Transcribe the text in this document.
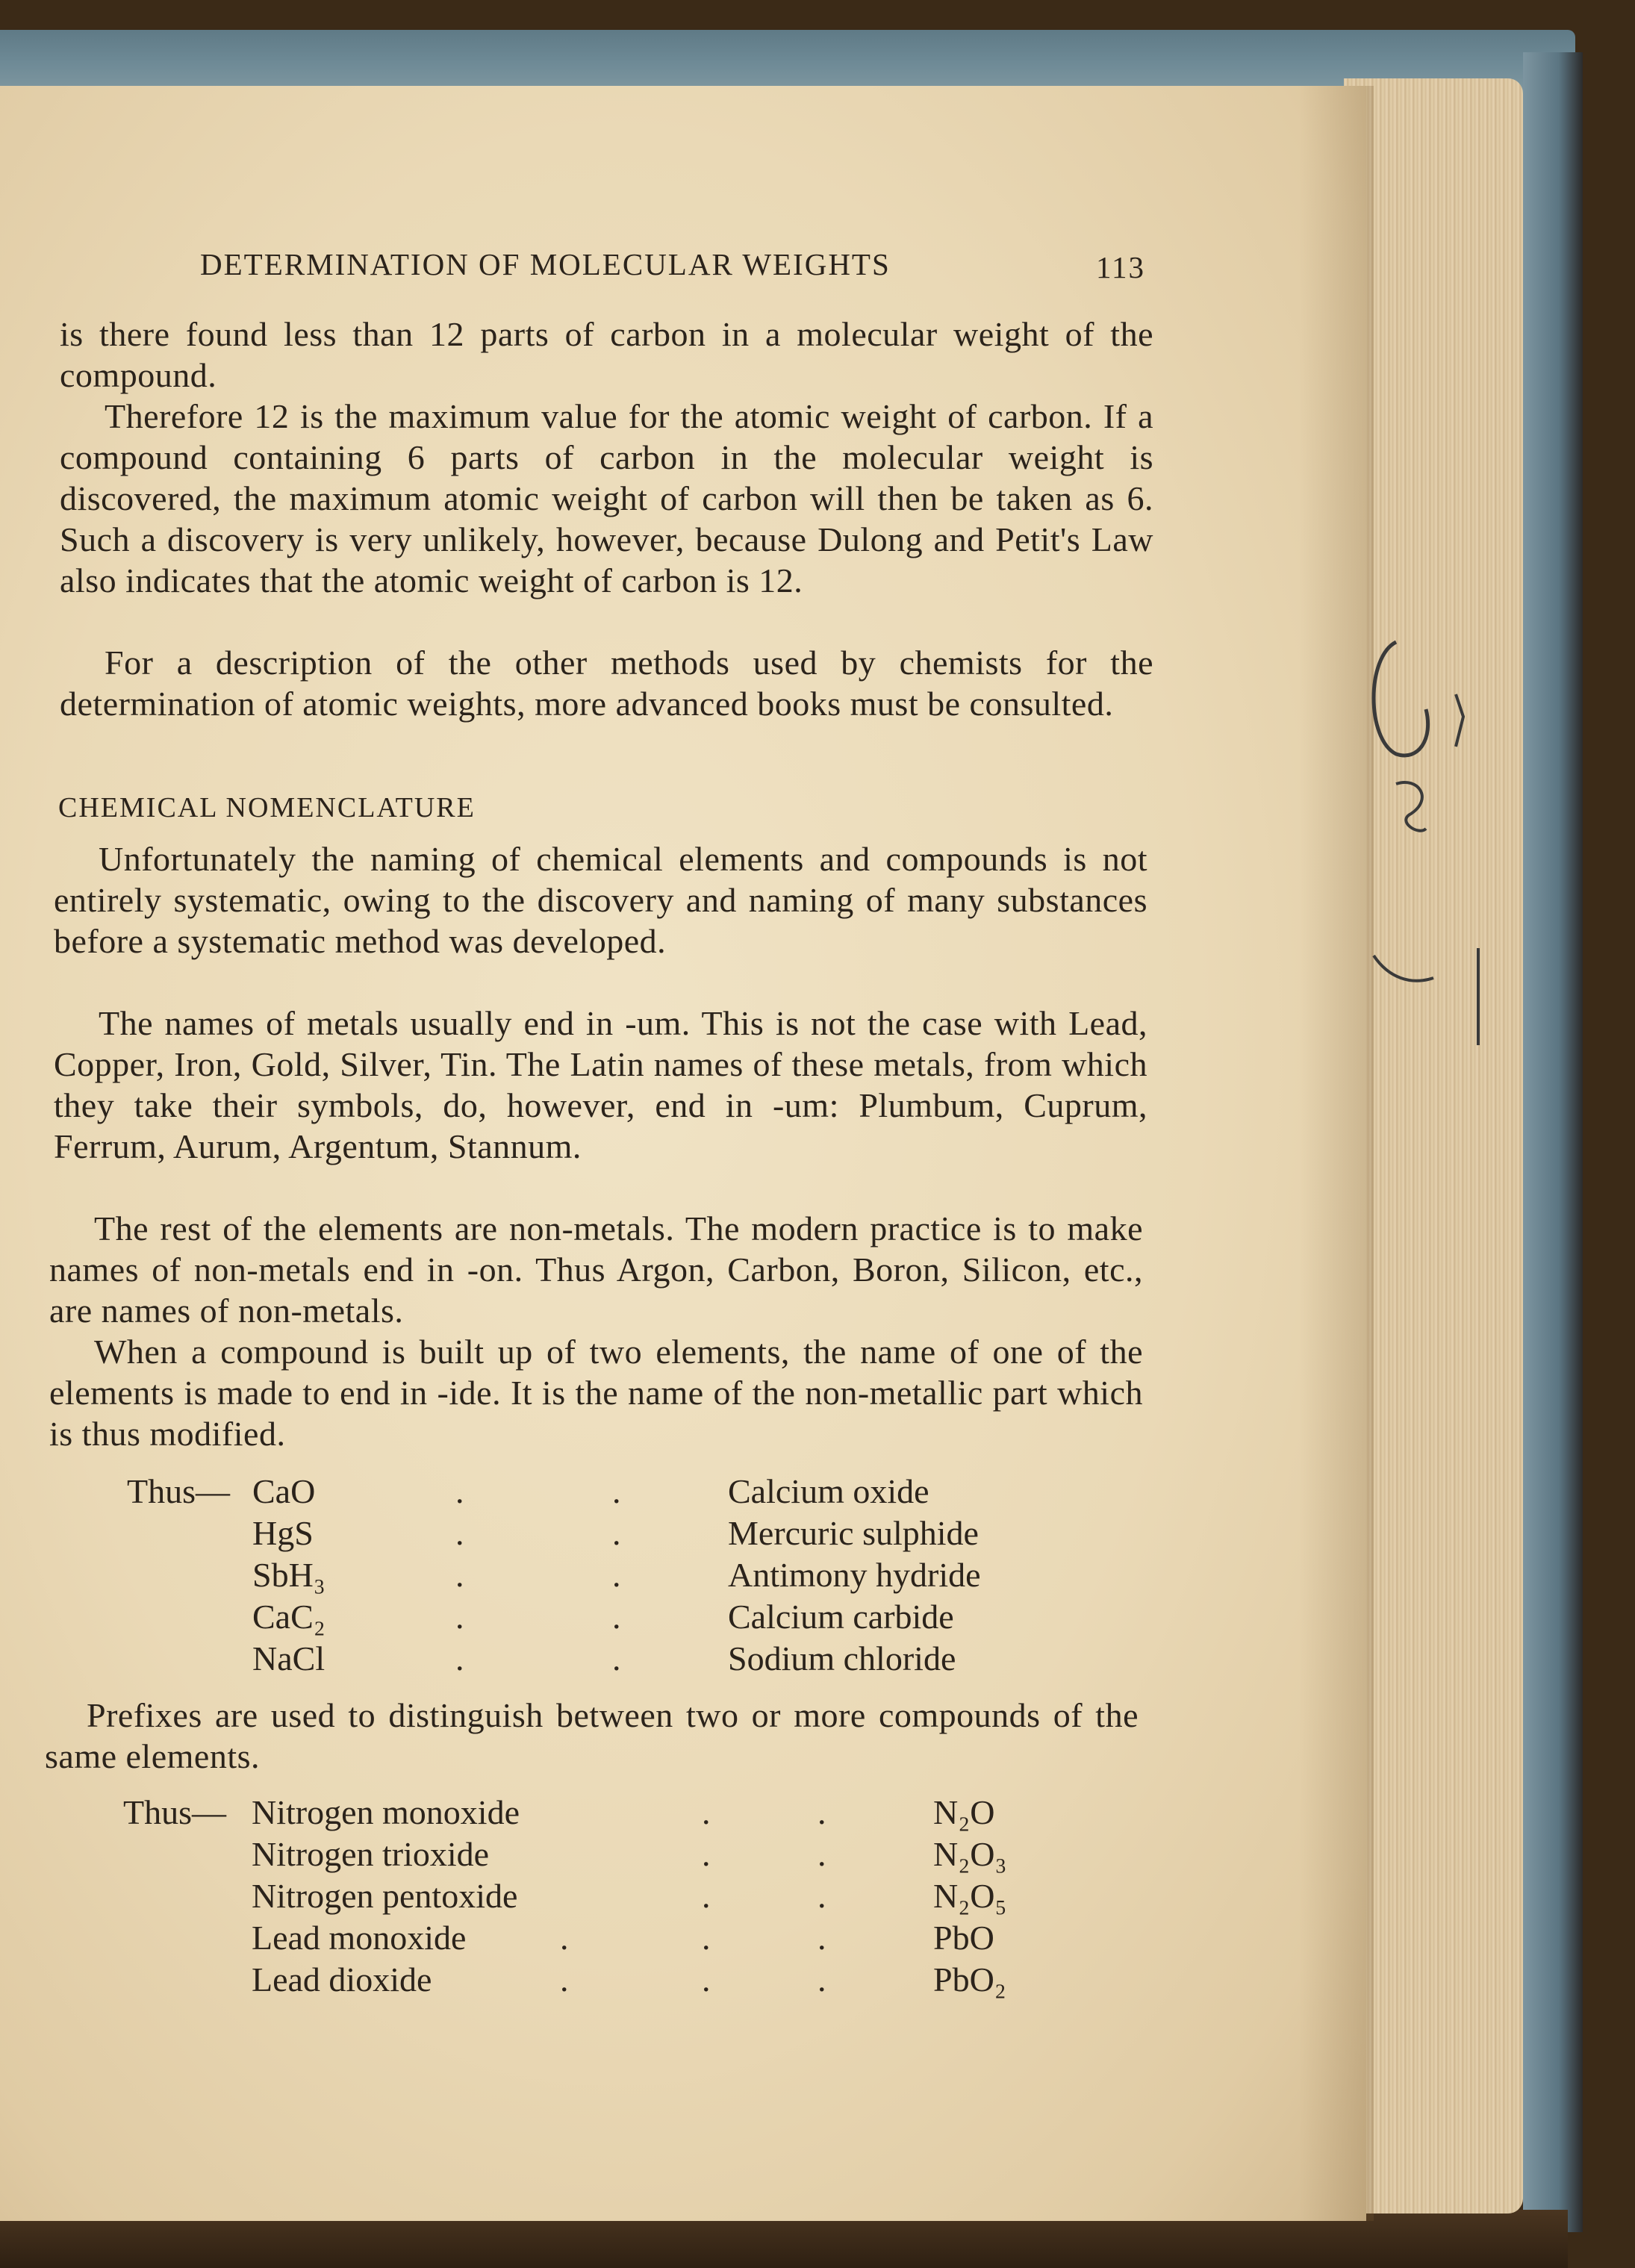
DETERMINATION OF MOLECULAR WEIGHTS	113
is there found less than 12 parts of carbon in a molecular weight of the compound.
Therefore 12 is the maximum value for the atomic weight of carbon. If a compound containing 6 parts of carbon in the molecular weight is discovered, the maximum atomic weight of carbon will then be taken as 6. Such a discovery is very unlikely, however, because Dulong and Petit's Law also indicates that the atomic weight of carbon is 12.
For a description of the other methods used by chemists for the determination of atomic weights, more advanced books must be consulted.
CHEMICAL NOMENCLATURE
Unfortunately the naming of chemical elements and compounds is not entirely systematic, owing to the discovery and naming of many substances before a systematic method was developed.
The names of metals usually end in -um. This is not the case with Lead, Copper, Iron, Gold, Silver, Tin. The Latin names of these metals, from which they take their symbols, do, however, end in -um: Plumbum, Cuprum, Ferrum, Aurum, Argentum, Stannum.
The rest of the elements are non-metals. The modern practice is to make names of non-metals end in -on. Thus Argon, Carbon, Boron, Silicon, etc., are names of non-metals.
When a compound is built up of two elements, the name of one of the elements is made to end in -ide. It is the name of the non-metallic part which is thus modified.
Thus— CaO	.	.	Calcium oxide
HgS	.	.	Mercuric sulphide
SbH₃	.	.	Antimony hydride
CaC₂	.	.	Calcium carbide
NaCl	.	.	Sodium chloride
Prefixes are used to distinguish between two or more compounds of the same elements.
Thus— Nitrogen monoxide	.	.	N₂O
Nitrogen trioxide	.	.	N₂O₃
Nitrogen pentoxide	.	.	N₂O₅
Lead monoxide	.	.	.	PbO
Lead dioxide	.	.	.	PbO₂
